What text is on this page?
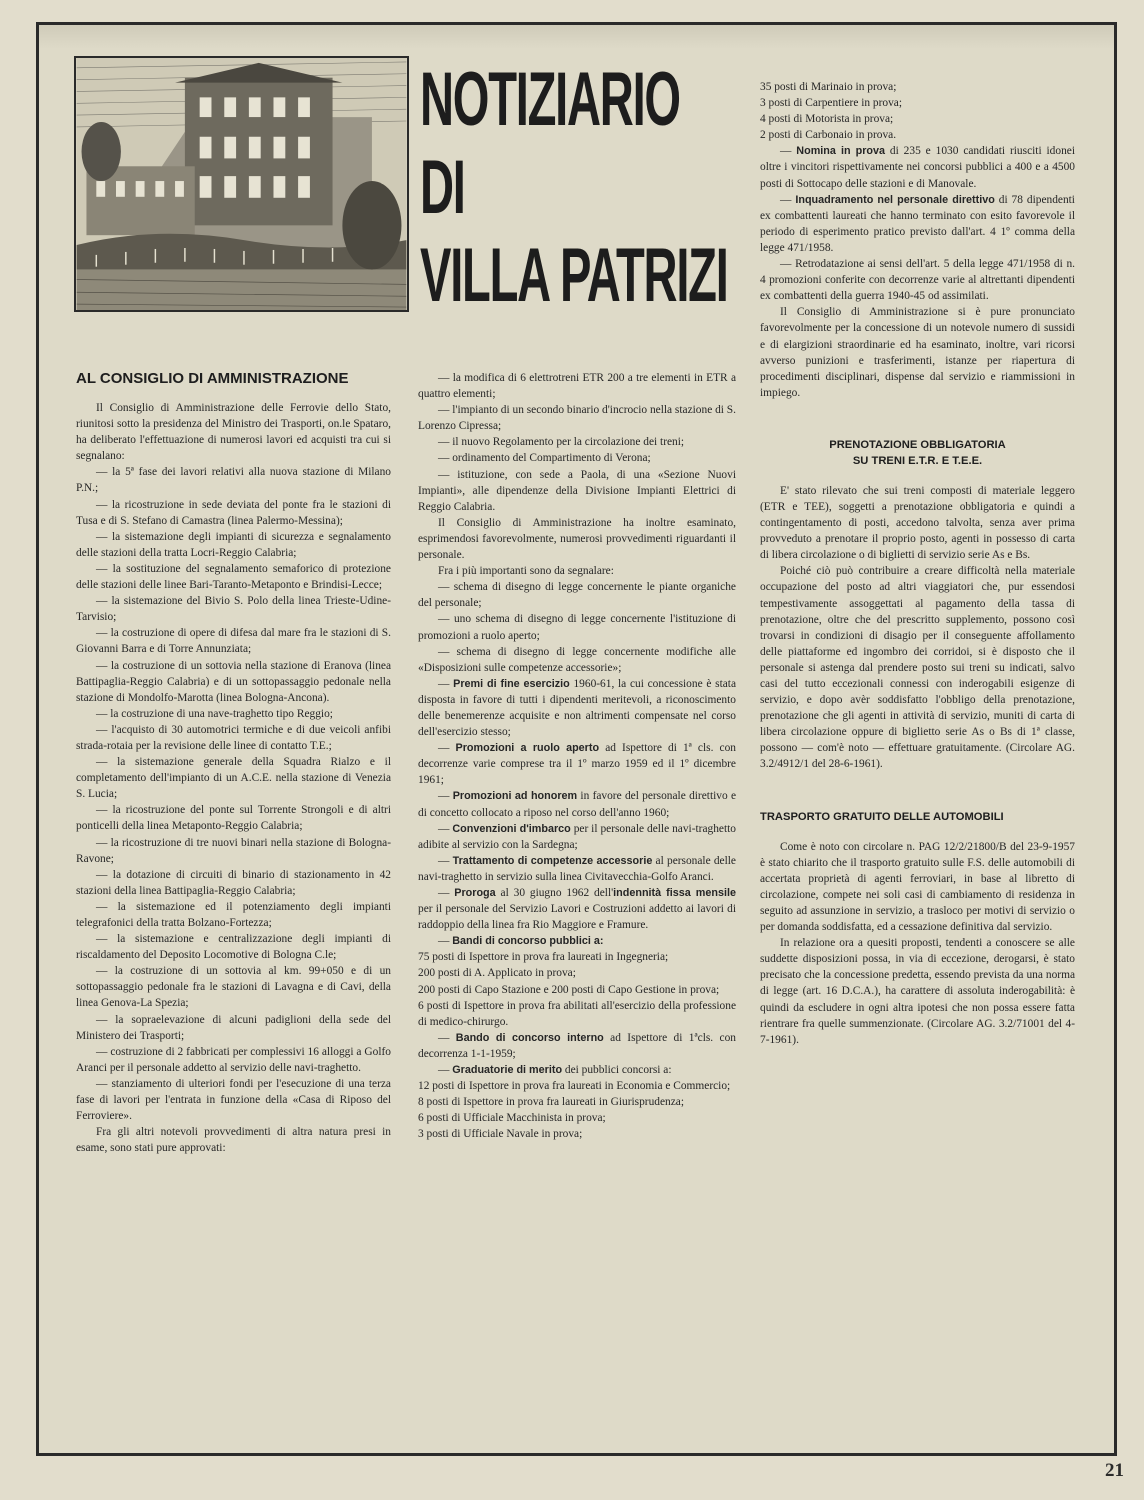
NOTIZIARIO
DI
VILLA PATRIZI
AL CONSIGLIO DI AMMINISTRAZIONE

Il Consiglio di Amministrazione delle Ferrovie dello Stato, riunitosi sotto la presidenza del Ministro dei Trasporti, on.le Spataro, ha deliberato l'effettuazione di numerosi lavori ed acquisti tra cui si segnalano:

— la 5ª fase dei lavori relativi alla nuova stazione di Milano P.N.;

— la ricostruzione in sede deviata del ponte fra le stazioni di Tusa e di S. Stefano di Camastra (linea Palermo-Messina);

— la sistemazione degli impianti di sicurezza e segnalamento delle stazioni della tratta Locri-Reggio Calabria;

— la sostituzione del segnalamento semaforico di protezione delle stazioni delle linee Bari-Taranto-Metaponto e Brindisi-Lecce;

— la sistemazione del Bivio S. Polo della linea Trieste-Udine-Tarvisio;

— la costruzione di opere di difesa dal mare fra le stazioni di S. Giovanni Barra e di Torre Annunziata;

— la costruzione di un sottovia nella stazione di Eranova (linea Battipaglia-Reggio Calabria) e di un sottopassaggio pedonale nella stazione di Mondolfo-Marotta (linea Bologna-Ancona).

— la costruzione di una nave-traghetto tipo Reggio;

— l'acquisto di 30 automotrici termiche e di due veicoli anfibi strada-rotaia per la revisione delle linee di contatto T.E.;

— la sistemazione generale della Squadra Rialzo e il completamento dell'impianto di un A.C.E. nella stazione di Venezia S. Lucia;

— la ricostruzione del ponte sul Torrente Strongoli e di altri ponticelli della linea Metaponto-Reggio Calabria;

— la ricostruzione di tre nuovi binari nella stazione di Bologna-Ravone;

— la dotazione di circuiti di binario di stazionamento in 42 stazioni della linea Battipaglia-Reggio Calabria;

— la sistemazione ed il potenziamento degli impianti telegrafonici della tratta Bolzano-Fortezza;

— la sistemazione e centralizzazione degli impianti di riscaldamento del Deposito Locomotive di Bologna C.le;

— la costruzione di un sottovia al km. 99+050 e di un sottopassaggio pedonale fra le stazioni di Lavagna e di Cavi, della linea Genova-La Spezia;

— la sopraelevazione di alcuni padiglioni della sede del Ministero dei Trasporti;

— costruzione di 2 fabbricati per complessivi 16 alloggi a Golfo Aranci per il personale addetto al servizio delle navi-traghetto.

— stanziamento di ulteriori fondi per l'esecuzione di una terza fase di lavori per l'entrata in funzione della «Casa di Riposo del Ferroviere».

Fra gli altri notevoli provvedimenti di altra natura presi in esame, sono stati pure approvati:

— la modifica di 6 elettrotreni ETR 200 a tre elementi in ETR a quattro elementi;

— l'impianto di un secondo binario d'incrocio nella stazione di S. Lorenzo Cipressa;

— il nuovo Regolamento per la circolazione dei treni;

— ordinamento del Compartimento di Verona;

— istituzione, con sede a Paola, di una «Sezione Nuovi Impianti», alle dipendenze della Divisione Impianti Elettrici di Reggio Calabria.

Il Consiglio di Amministrazione ha inoltre esaminato, esprimendosi favorevolmente, numerosi provvedimenti riguardanti il personale.

Fra i più importanti sono da segnalare:

— schema di disegno di legge concernente le piante organiche del personale;

— uno schema di disegno di legge concernente l'istituzione di promozioni a ruolo aperto;

— schema di disegno di legge concernente modifiche alle «Disposizioni sulle competenze accessorie»;

— Premi di fine esercizio 1960-61, la cui concessione è stata disposta in favore di tutti i dipendenti meritevoli, a riconoscimento delle benemerenze acquisite e non altrimenti compensate nel corso dell'esercizio stesso;

— Promozioni a ruolo aperto ad Ispettore di 1ª cls. con decorrenze varie comprese tra il 1º marzo 1959 ed il 1º dicembre 1961;

— Promozioni ad honorem in favore del personale direttivo e di concetto collocato a riposo nel corso dell'anno 1960;

— Convenzioni d'imbarco per il personale delle navi-traghetto adibite al servizio con la Sardegna;

— Trattamento di competenze accessorie al personale delle navi-traghetto in servizio sulla linea Civitavecchia-Golfo Aranci.

— Proroga al 30 giugno 1962 dell'indennità fissa mensile per il personale del Servizio Lavori e Costruzioni addetto ai lavori di raddoppio della linea fra Rio Maggiore e Framure.

— Bandi di concorso pubblici a:

75 posti di Ispettore in prova fra laureati in Ingegneria;

200 posti di A. Applicato in prova;

200 posti di Capo Stazione e 200 posti di Capo Gestione in prova;

6 posti di Ispettore in prova fra abilitati all'esercizio della professione di medico-chirurgo.

— Bando di concorso interno ad Ispettore di 1ªcls. con decorrenza 1-1-1959;

— Graduatorie di merito dei pubblici concorsi a:

12 posti di Ispettore in prova fra laureati in Economia e Commercio;

8 posti di Ispettore in prova fra laureati in Giurisprudenza;

6 posti di Ufficiale Macchinista in prova;

3 posti di Ufficiale Navale in prova;

35 posti di Marinaio in prova;

3 posti di Carpentiere in prova;

4 posti di Motorista in prova;

2 posti di Carbonaio in prova.

— Nomina in prova di 235 e 1030 candidati riusciti idonei oltre i vincitori rispettivamente nei concorsi pubblici a 400 e a 4500 posti di Sottocapo delle stazioni e di Manovale.

— Inquadramento nel personale direttivo di 78 dipendenti ex combattenti laureati che hanno terminato con esito favorevole il periodo di esperimento pratico previsto dall'art. 4 1º comma della legge 471/1958.

— Retrodatazione ai sensi dell'art. 5 della legge 471/1958 di n. 4 promozioni conferite con decorrenze varie al altrettanti dipendenti ex combattenti della guerra 1940-45 od assimilati.

Il Consiglio di Amministrazione si è pure pronunciato favorevolmente per la concessione di un notevole numero di sussidi e di elargizioni straordinarie ed ha esaminato, inoltre, vari ricorsi avverso punizioni e trasferimenti, istanze per riapertura di procedimenti disciplinari, dispense dal servizio e riammissioni in impiego.

PRENOTAZIONE OBBLIGATORIA
SU TRENI E.T.R. E T.E.E.

E' stato rilevato che sui treni composti di materiale leggero (ETR e TEE), soggetti a prenotazione obbligatoria e quindi a contingentamento di posti, accedono talvolta, senza aver prima provveduto a prenotare il proprio posto, agenti in possesso di carta di libera circolazione o di biglietti di servizio serie As e Bs.

Poiché ciò può contribuire a creare difficoltà nella materiale occupazione del posto ad altri viaggiatori che, pur essendosi tempestivamente assoggettati al pagamento della tassa di prenotazione, oltre che del prescritto supplemento, possono così trovarsi in condizioni di disagio per il conseguente affollamento delle piattaforme ed ingombro dei corridoi, si è disposto che il personale si astenga dal prendere posto sui treni su indicati, salvo casi del tutto eccezionali connessi con inderogabili esigenze di servizio, e dopo avèr soddisfatto l'obbligo della prenotazione, prenotazione che gli agenti in attività di servizio, muniti di carta di libera circolazione oppure di biglietto serie As o Bs di 1ª classe, possono — com'è noto — effettuare gratuitamente. (Circolare AG. 3.2/4912/1 del 28-6-1961).

TRASPORTO GRATUITO DELLE AUTOMOBILI

Come è noto con circolare n. PAG 12/2/21800/B del 23-9-1957 è stato chiarito che il trasporto gratuito sulle F.S. delle automobili di accertata proprietà di agenti ferroviari, in base al libretto di circolazione, compete nei soli casi di cambiamento di residenza in seguito ad assunzione in servizio, a trasloco per motivi di servizio o per domanda soddisfatta, ed a cessazione definitiva dal servizio.

In relazione ora a quesiti proposti, tendenti a conoscere se alle suddette disposizioni possa, in via di eccezione, derogarsi, è stato precisato che la concessione predetta, essendo prevista da una norma di legge (art. 16 D.C.A.), ha carattere di assoluta inderogabilità: è quindi da escludere in ogni altra ipotesi che non possa essere fatta rientrare fra quelle summenzionate. (Circolare AG. 3.2/71001 del 4-7-1961).

21
